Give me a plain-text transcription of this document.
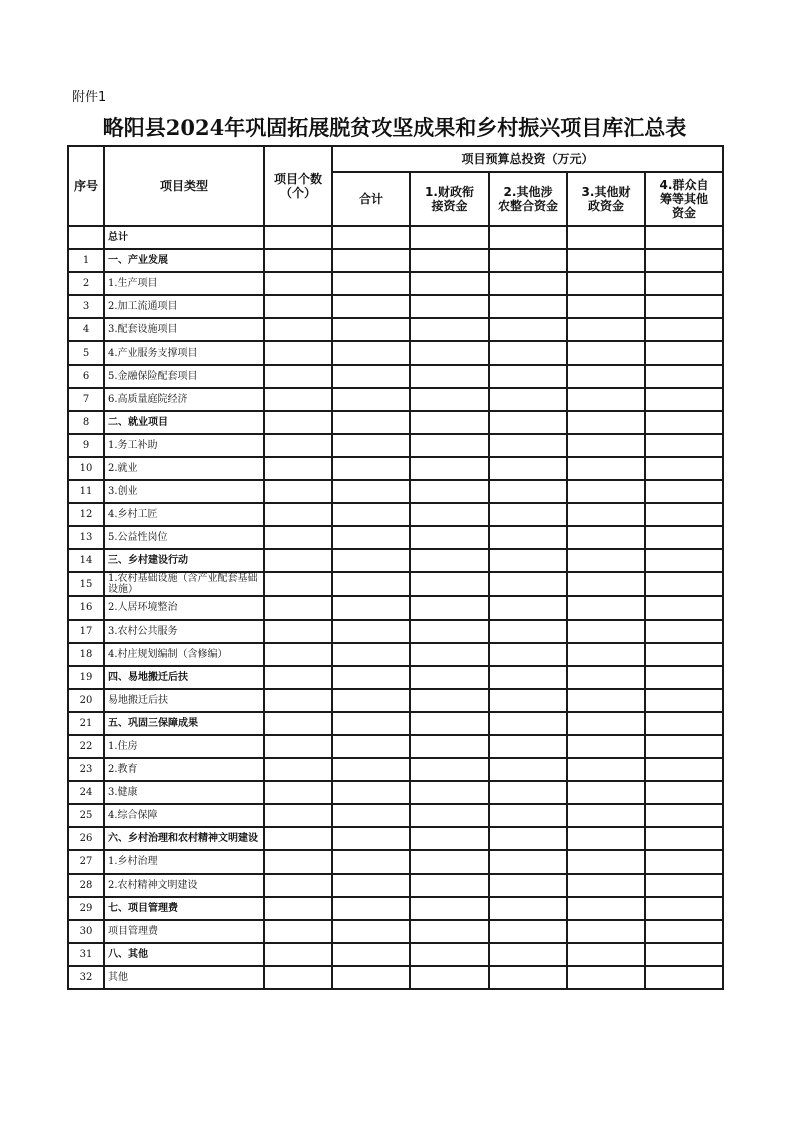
附件1
略阳县2024年巩固拓展脱贫攻坚成果和乡村振兴项目库汇总表
序号	项目类型	项目个数（个）	项目预算总投资（万元）				
			合计	1.财政衔接资金	2.其他涉农整合资金	3.其他财政资金	4.群众自筹等其他资金
	总计						
1	一、产业发展						
2	1.生产项目						
3	2.加工流通项目						
4	3.配套设施项目						
5	4.产业服务支撑项目						
6	5.金融保险配套项目						
7	6.高质量庭院经济						
8	二、就业项目						
9	1.务工补助						
10	2.就业						
11	3.创业						
12	4.乡村工匠						
13	5.公益性岗位						
14	三、乡村建设行动						
15	1.农村基础设施（含产业配套基础设施）						
16	2.人居环境整治						
17	3.农村公共服务						
18	4.村庄规划编制（含修编）						
19	四、易地搬迁后扶						
20	易地搬迁后扶						
21	五、巩固三保障成果						
22	1.住房						
23	2.教育						
24	3.健康						
25	4.综合保障						
26	六、乡村治理和农村精神文明建设						
27	1.乡村治理						
28	2.农村精神文明建设						
29	七、项目管理费						
30	项目管理费						
31	八、其他						
32	其他						
